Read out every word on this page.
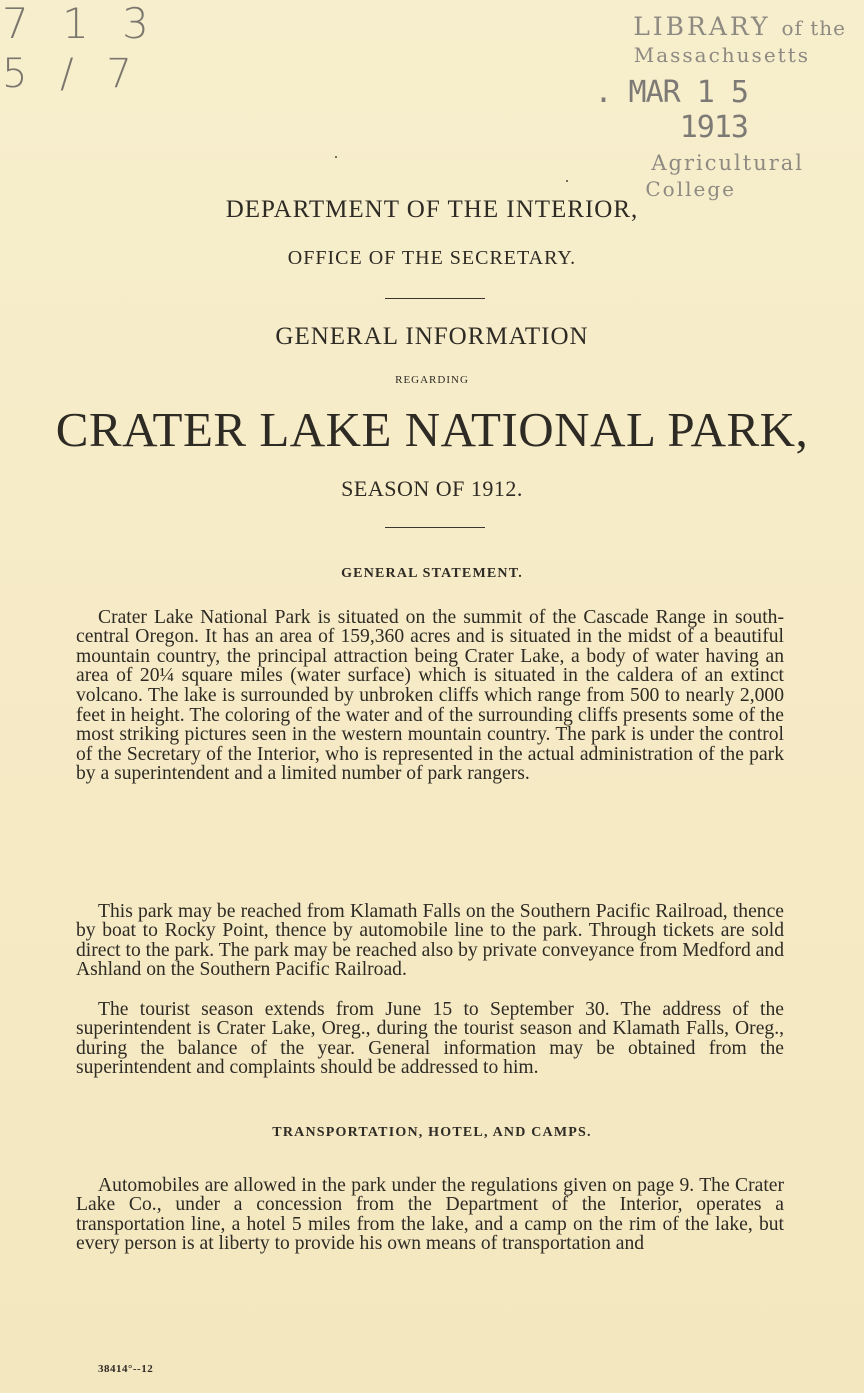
7 1 3
5 / 7
LIBRARY of the
Massachusetts
. MAR 1 5 1913
Agricultural
College
DEPARTMENT OF THE INTERIOR,
OFFICE OF THE SECRETARY.
GENERAL INFORMATION
REGARDING
CRATER LAKE NATIONAL PARK,
SEASON OF 1912.
GENERAL STATEMENT.

Crater Lake National Park is situated on the summit of the Cascade Range in south-central Oregon. It has an area of 159,360 acres and is situated in the midst of a beautiful mountain country, the principal attraction being Crater Lake, a body of water having an area of 20¼ square miles (water surface) which is situated in the caldera of an extinct volcano. The lake is surrounded by unbroken cliffs which range from 500 to nearly 2,000 feet in height. The coloring of the water and of the surrounding cliffs presents some of the most striking pictures seen in the western mountain country. The park is under the control of the Secretary of the Interior, who is represented in the actual administration of the park by a superintendent and a limited number of park rangers.

This park may be reached from Klamath Falls on the Southern Pacific Railroad, thence by boat to Rocky Point, thence by automobile line to the park. Through tickets are sold direct to the park. The park may be reached also by private conveyance from Medford and Ashland on the Southern Pacific Railroad.

The tourist season extends from June 15 to September 30. The address of the superintendent is Crater Lake, Oreg., during the tourist season and Klamath Falls, Oreg., during the balance of the year. General information may be obtained from the superintendent and complaints should be addressed to him.

TRANSPORTATION, HOTEL, AND CAMPS.

Automobiles are allowed in the park under the regulations given on page 9. The Crater Lake Co., under a concession from the Department of the Interior, operates a transportation line, a hotel 5 miles from the lake, and a camp on the rim of the lake, but every person is at liberty to provide his own means of transportation and

38414°--12
